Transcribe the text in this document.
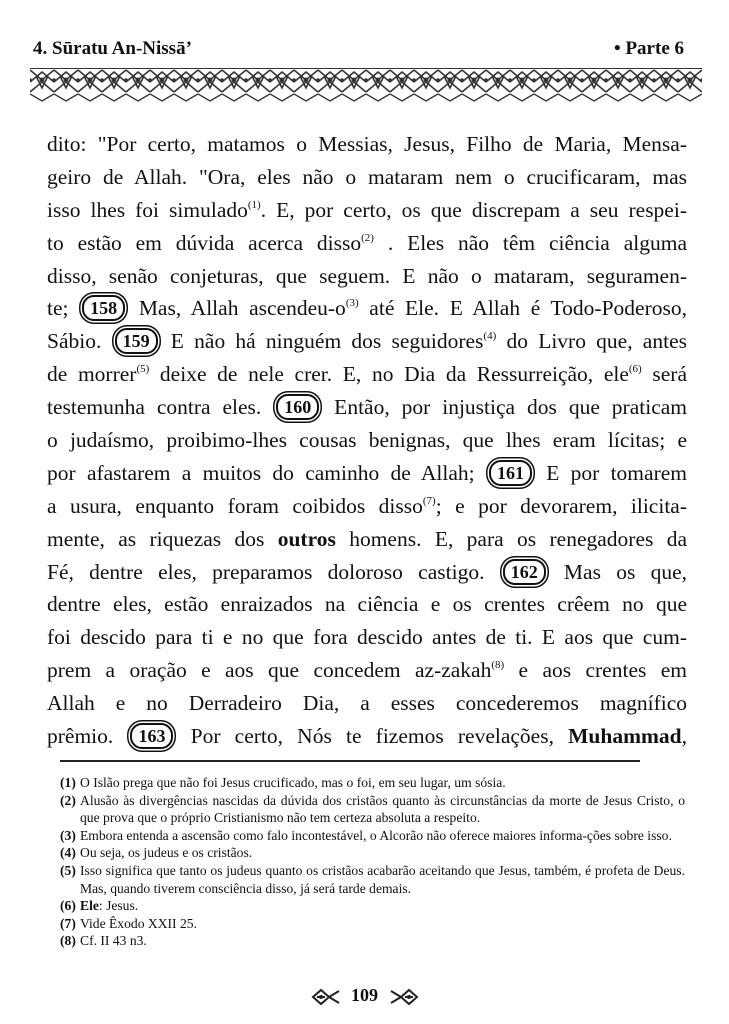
4. Sūratu An-Nissā’	• Parte 6
dito: "Por certo, matamos o Messias, Jesus, Filho de Maria, Mensa-
geiro de Allah. "Ora, eles não o mataram nem o crucificaram, mas
isso lhes foi simulado$^{(1)}$. E, por certo, os que discrepam a seu respei-
to estão em dúvida acerca disso$^{(2)}$ . Eles não têm ciência alguma
disso, senão conjeturas, que seguem. E não o mataram, seguramen-
te; 158 Mas, Allah ascendeu-$o^{(3)}$ até Ele. E Allah é Todo-Poderoso,
Sábio. 159 E não há ninguém dos seguidores$^{(4)}$ do Livro que, antes
de morrer$^{(5)}$ deixe de nele crer. E, no Dia da Ressurreição, ele$^{(6)}$ será
testemunha contra eles. 160 Então, por injustiça dos que praticam
o judaísmo, proibimo-lhes cousas benignas, que lhes eram lícitas; e
por afastarem a muitos do caminho de Allah; 161 E por tomarem
a usura, enquanto foram coibidos disso$^{(7)}$; e por devorarem, ilicita-
mente, as riquezas dos outros homens. E, para os renegadores da
Fé, dentre eles, preparamos doloroso castigo. 162 Mas os que,
dentre eles, estão enraizados na ciência e os crentes crêem no que
foi descido para ti e no que fora descido antes de ti. E aos que cum-
prem a oração e aos que concedem az-zakah$^{(8)}$ e aos crentes em
Allah e no Derradeiro Dia, a esses concederemos magnífico
prêmio. 163 Por certo, Nós te fizemos revelações, Muhammad,
(1) O Islão prega que não foi Jesus crucificado, mas o foi, em seu lugar, um sósia.
(2) Alusão às divergências nascidas da dúvida dos cristãos quanto às circunstâncias da morte de Jesus Cristo, o que prova que o próprio Cristianismo não tem certeza absoluta a respeito.
(3) Embora entenda a ascensão como falo incontestável, o Alcorão não oferece maiores informa-ções sobre isso.
(4) Ou seja, os judeus e os cristãos.
(5) Isso significa que tanto os judeus quanto os cristãos acabarão aceitando que Jesus, também, é profeta de Deus. Mas, quando tiverem consciência disso, já será tarde demais.
(6) Ele: Jesus.
(7) Vide Êxodo XXII 25.
(8) Cf. II 43 n3.
109
